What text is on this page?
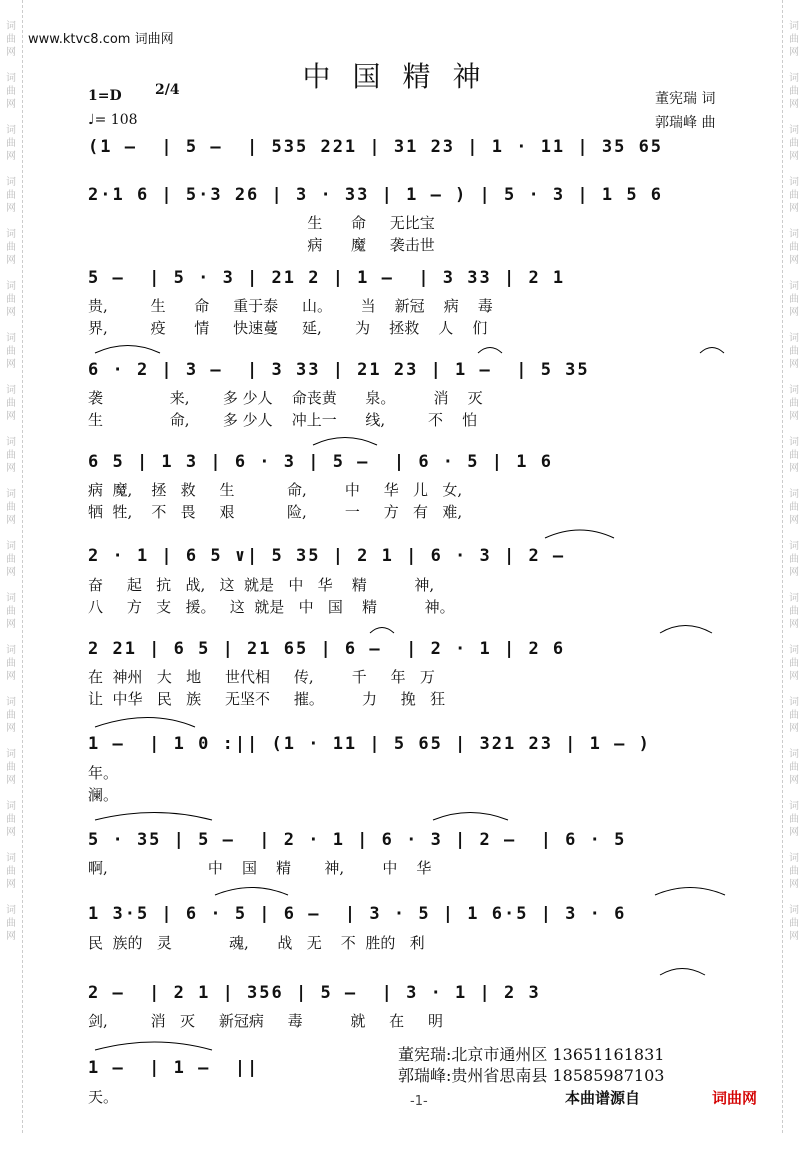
词
曲
网

词
曲
网

词
曲
网

词
曲
网

词
曲
网

词
曲
网

词
曲
网

词
曲
网

词
曲
网

词
曲
网

词
曲
网

词
曲
网

词
曲
网

词
曲
网

词
曲
网

词
曲
网

词
曲
网

词
曲
网
词
曲
网

词
曲
网

词
曲
网

词
曲
网

词
曲
网

词
曲
网

词
曲
网

词
曲
网

词
曲
网

词
曲
网

词
曲
网

词
曲
网

词
曲
网

词
曲
网

词
曲
网

词
曲
网

词
曲
网

词
曲
网
www.ktvc8.com 词曲网
中国精神
1=D 2/4
♩= 108
董宪瑞 词
郭瑞峰 曲
(1 –  | 5 –  | 535 221 | 31 23 | 1 · 11 | 35 65
2·1 6 | 5·3 26 | 3 · 33 | 1 – ) | 5 · 3 | 1 5 6
生      命     无比宝
病      魔     袭击世
5 –  | 5 · 3 | 21 2 | 1 –  | 3 33 | 2 1
贵,         生      命     重于泰     山。      当    新冠    病    毒
界,         疫      情     快速蔓     延,       为    拯救    人    们
6 · 2 | 3 –  | 3 33 | 21 23 | 1 –  | 5 35
袭              来,       多 少人    命丧黄      泉。        消    灭
生              命,       多 少人    冲上一      线,         不    怕
6 5 | 1 3 | 6 · 3 | 5 –  | 6 · 5 | 1 6
病  魔,    拯   救     生           命,        中     华   儿   女,
牺  牲,    不   畏     艰           险,        一     方   有   难,
2 · 1 | 6 5 ∨| 5 35 | 2 1 | 6 · 3 | 2 –
奋     起   抗   战,   这  就是   中   华    精          神,
八     方   支   援。   这  就是   中   国    精          神。
2 21 | 6 5 | 21 65 | 6 –  | 2 · 1 | 2 6
在  神州   大   地     世代相     传,        千     年   万
让  中华   民   族     无坚不     摧。        力     挽   狂
1 –  | 1 0 :|| (1 · 11 | 5 65 | 321 23 | 1 – )
年。
澜。
5 · 35 | 5 –  | 2 · 1 | 6 · 3 | 2 –  | 6 · 5
啊,                     中    国    精       神,        中    华
1 3·5 | 6 · 5 | 6 –  | 3 · 5 | 1 6·5 | 3 · 6
民  族的   灵            魂,      战   无    不  胜的   利
2 –  | 2 1 | 356 | 5 –  | 3 · 1 | 2 3
剑,         消   灭     新冠病     毒          就     在     明
1 –  | 1 –  ||
天。
董宪瑞:北京市通州区 13651161831
郭瑞峰:贵州省思南县 18585987103
-1-	本曲谱源自	词曲网
